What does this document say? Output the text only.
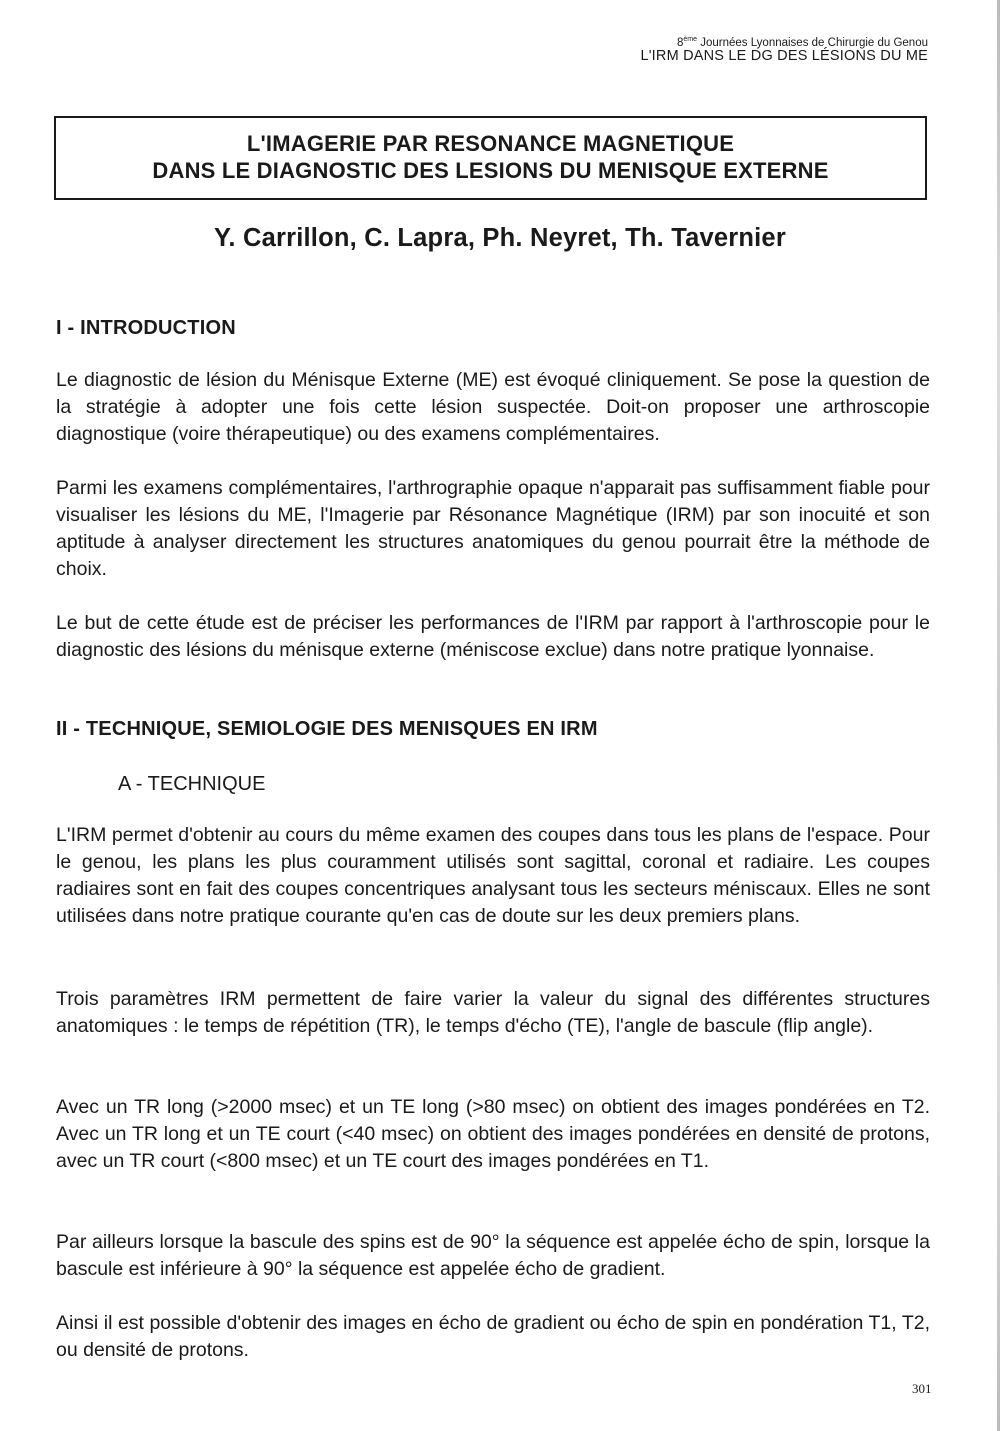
8ème Journées Lyonnaises de Chirurgie du Genou
L'IRM DANS LE DG DES LÉSIONS DU ME
L'IMAGERIE PAR RESONANCE MAGNETIQUE
DANS LE DIAGNOSTIC DES LESIONS DU MENISQUE EXTERNE
Y. Carrillon, C. Lapra, Ph. Neyret, Th. Tavernier
I - INTRODUCTION

Le diagnostic de lésion du Ménisque Externe (ME) est évoqué cliniquement. Se pose la question de la stratégie à adopter une fois cette lésion suspectée. Doit-on proposer une arthroscopie diagnostique (voire thérapeutique) ou des examens complémentaires.

Parmi les examens complémentaires, l'arthrographie opaque n'apparait pas suffisamment fiable pour visualiser les lésions du ME, l'Imagerie par Résonance Magnétique (IRM) par son inocuité et son aptitude à analyser directement les structures anatomiques du genou pourrait être la méthode de choix.

Le but de cette étude est de préciser les performances de l'IRM par rapport à l'arthroscopie pour le diagnostic des lésions du ménisque externe (méniscose exclue) dans notre pratique lyonnaise.

II - TECHNIQUE, SEMIOLOGIE DES MENISQUES EN IRM
A - TECHNIQUE

L'IRM permet d'obtenir au cours du même examen des coupes dans tous les plans de l'espace. Pour le genou, les plans les plus couramment utilisés sont sagittal, coronal et radiaire. Les coupes radiaires sont en fait des coupes concentriques analysant tous les secteurs méniscaux. Elles ne sont utilisées dans notre pratique courante qu'en cas de doute sur les deux premiers plans.

Trois paramètres IRM permettent de faire varier la valeur du signal des différentes structures anatomiques : le temps de répétition (TR), le temps d'écho (TE), l'angle de bascule (flip angle).

Avec un TR long (>2000 msec) et un TE long (>80 msec) on obtient des images pondérées en T2. Avec un TR long et un TE court (<40 msec) on obtient des images pondérées en densité de protons, avec un TR court (<800 msec) et un TE court des images pondérées en T1.

Par ailleurs lorsque la bascule des spins est de 90° la séquence est appelée écho de spin, lorsque la bascule est inférieure à 90° la séquence est appelée écho de gradient.

Ainsi il est possible d'obtenir des images en écho de gradient ou écho de spin en pondération T1, T2, ou densité de protons.

301
